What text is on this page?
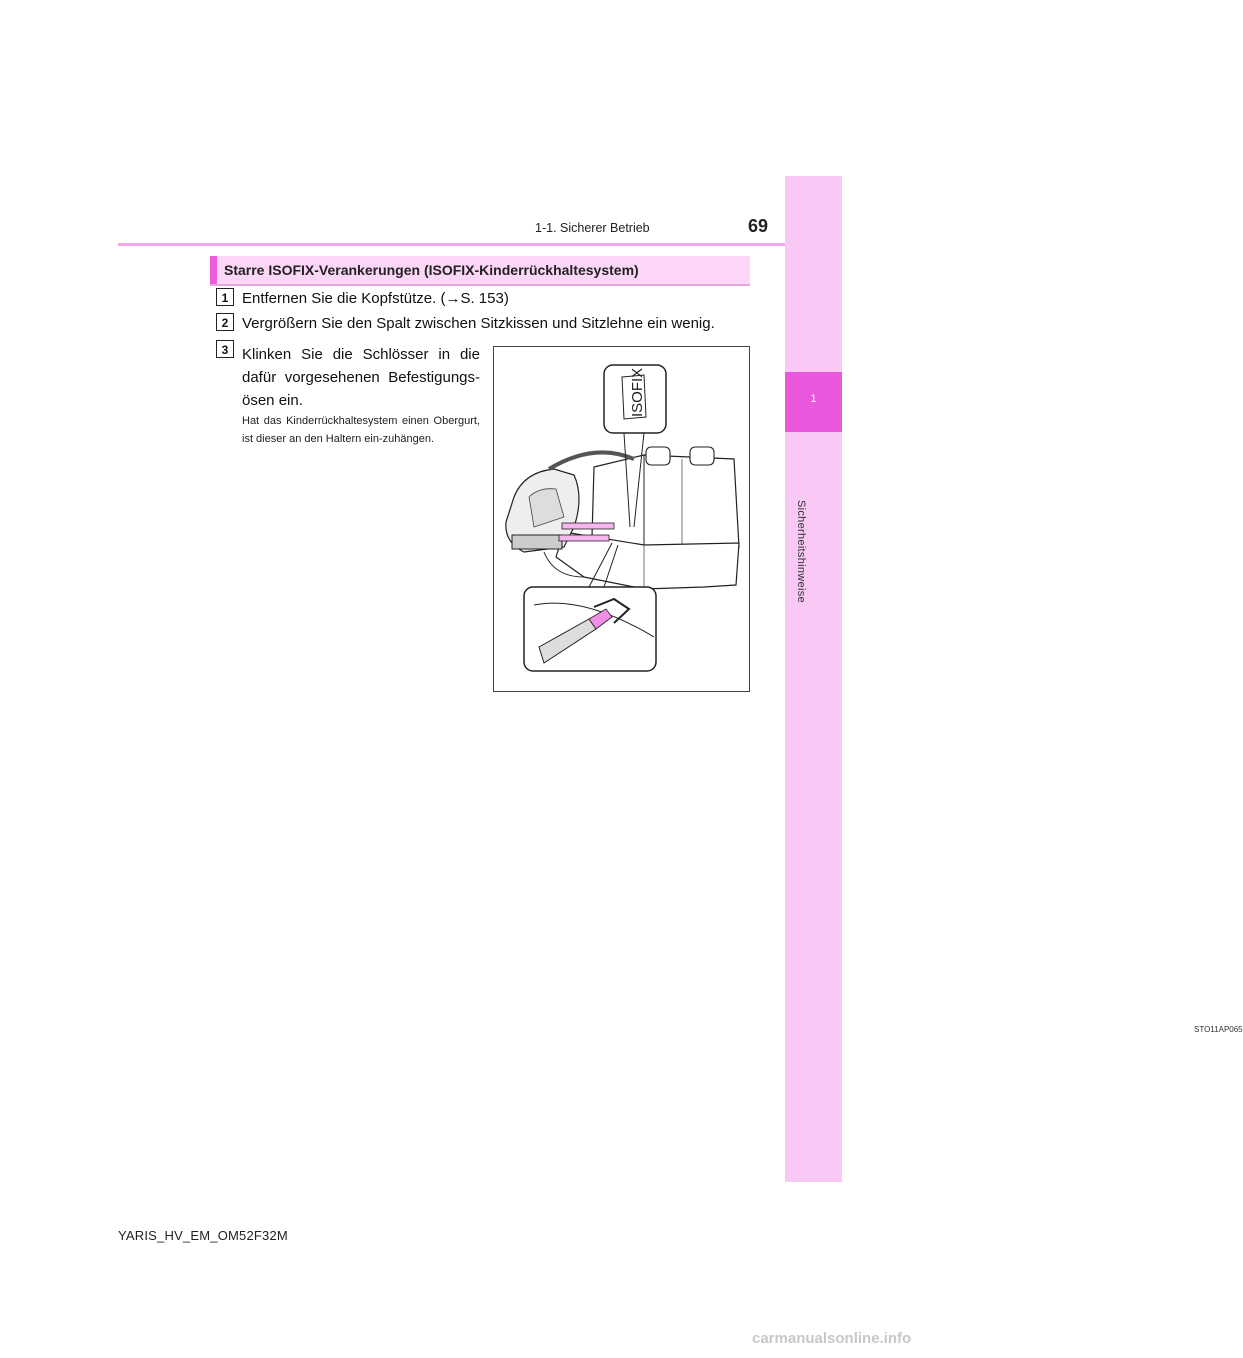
1
Sicherheitshinweise
1-1. Sicherer Betrieb	69
Starre ISOFIX-Verankerungen (ISOFIX-Kinderrückhaltesystem)
1 Entfernen Sie die Kopfstütze. (→S. 153)
2 Vergrößern Sie den Spalt zwischen Sitzkissen und Sitzlehne ein wenig.
3 Klinken Sie die Schlösser in die dafür vorgesehenen Befestigungs-ösen ein.
Hat das Kinderrückhaltesystem einen Obergurt, ist dieser an den Haltern ein-zuhängen.
ISOFIX
STO11AP065
YARIS_HV_EM_OM52F32M
carmanualsonline.info
